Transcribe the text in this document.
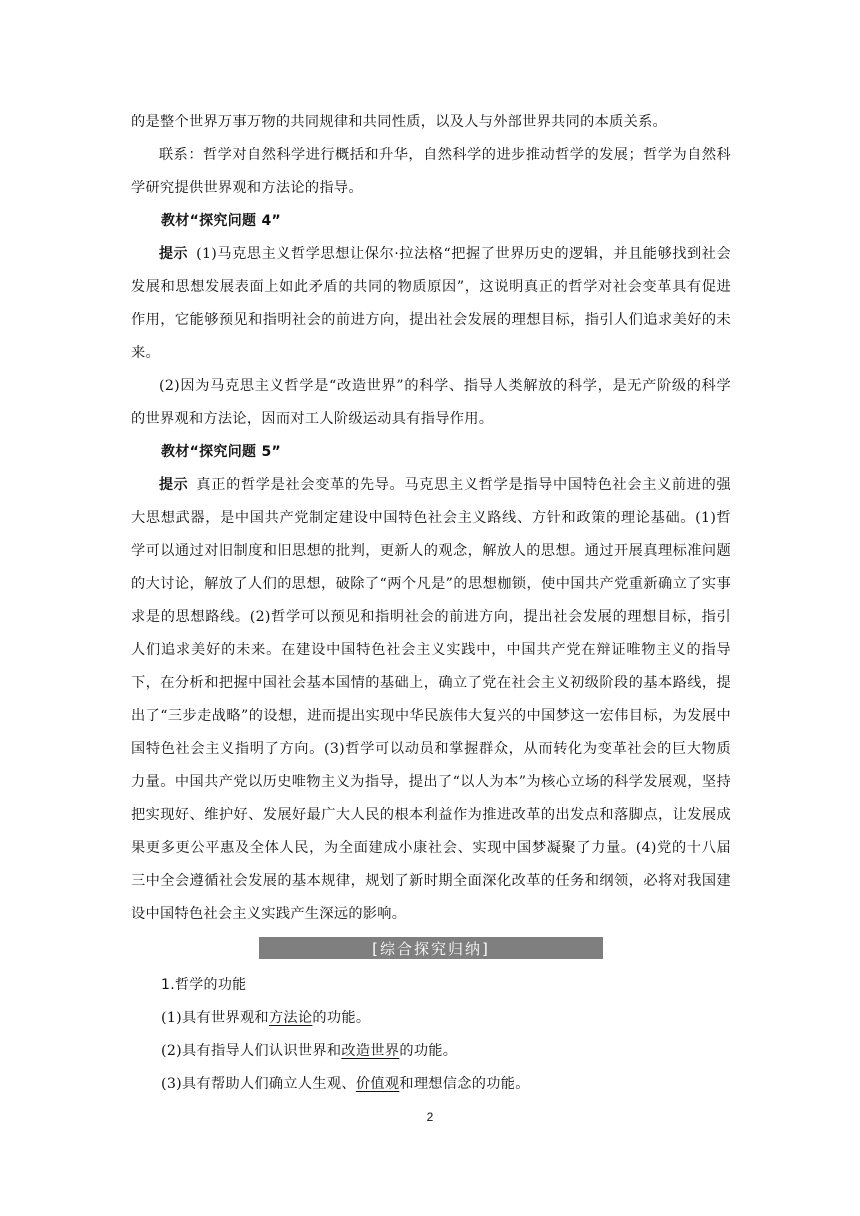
的是整个世界万事万物的共同规律和共同性质，以及人与外部世界共同的本质关系。

联系：哲学对自然科学进行概括和升华，自然科学的进步推动哲学的发展；哲学为自然科学研究提供世界观和方法论的指导。

教材“探究问题 4”

提示 (1)马克思主义哲学思想让保尔·拉法格“把握了世界历史的逻辑，并且能够找到社会发展和思想发展表面上如此矛盾的共同的物质原因”，这说明真正的哲学对社会变革具有促进作用，它能够预见和指明社会的前进方向，提出社会发展的理想目标，指引人们追求美好的未来。

(2)因为马克思主义哲学是“改造世界”的科学、指导人类解放的科学，是无产阶级的科学的世界观和方法论，因而对工人阶级运动具有指导作用。

教材“探究问题 5”

提示 真正的哲学是社会变革的先导。马克思主义哲学是指导中国特色社会主义前进的强大思想武器，是中国共产党制定建设中国特色社会主义路线、方针和政策的理论基础。(1)哲学可以通过对旧制度和旧思想的批判，更新人的观念，解放人的思想。通过开展真理标准问题的大讨论，解放了人们的思想，破除了“两个凡是”的思想枷锁，使中国共产党重新确立了实事求是的思想路线。(2)哲学可以预见和指明社会的前进方向，提出社会发展的理想目标，指引人们追求美好的未来。在建设中国特色社会主义实践中，中国共产党在辩证唯物主义的指导下，在分析和把握中国社会基本国情的基础上，确立了党在社会主义初级阶段的基本路线，提出了“三步走战略”的设想，进而提出实现中华民族伟大复兴的中国梦这一宏伟目标，为发展中国特色社会主义指明了方向。(3)哲学可以动员和掌握群众，从而转化为变革社会的巨大物质力量。中国共产党以历史唯物主义为指导，提出了“以人为本”为核心立场的科学发展观，坚持把实现好、维护好、发展好最广大人民的根本利益作为推进改革的出发点和落脚点，让发展成果更多更公平惠及全体人民，为全面建成小康社会、实现中国梦凝聚了力量。(4)党的十八届三中全会遵循社会发展的基本规律，规划了新时期全面深化改革的任务和纲领，必将对我国建设中国特色社会主义实践产生深远的影响。

[综合探究归纳]

1.哲学的功能

(1)具有世界观和方法论的功能。

(2)具有指导人们认识世界和改造世界的功能。

(3)具有帮助人们确立人生观、价值观和理想信念的功能。

2
